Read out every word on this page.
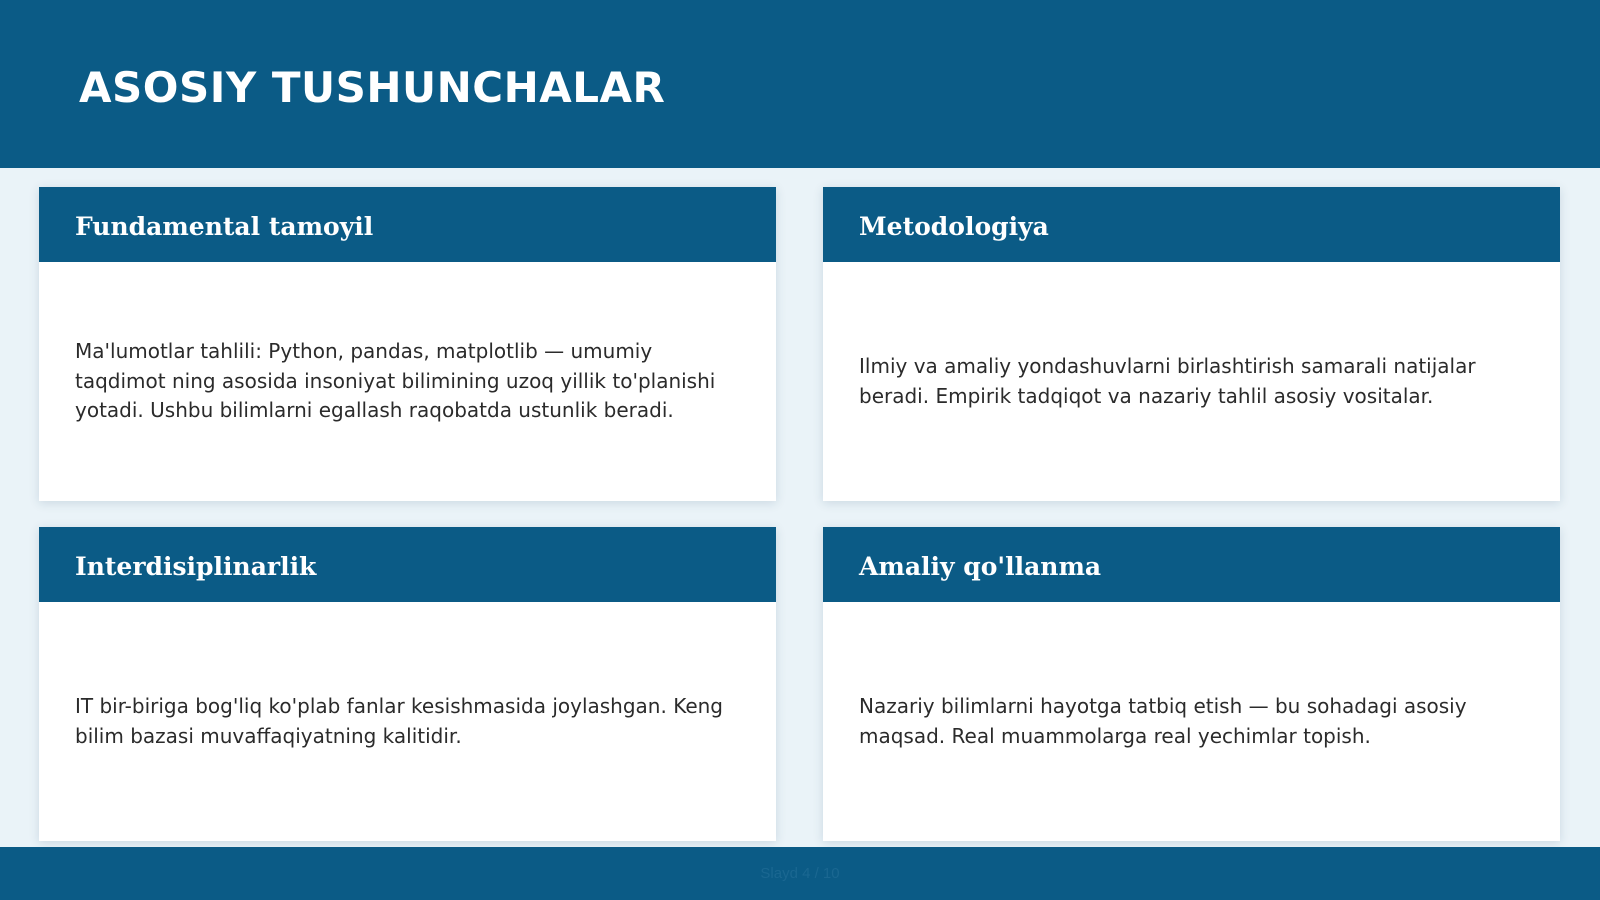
ASOSIY TUSHUNCHALAR
Fundamental tamoyil

Ma'lumotlar tahlili: Python, pandas, matplotlib — umumiy taqdimot ning asosida insoniyat bilimining uzoq yillik to'planishi yotadi. Ushbu bilimlarni egallash raqobatda ustunlik beradi.

Metodologiya

Ilmiy va amaliy yondashuvlarni birlashtirish samarali natijalar beradi. Empirik tadqiqot va nazariy tahlil asosiy vositalar.

Interdisiplinarlik

IT bir-biriga bog'liq ko'plab fanlar kesishmasida joylashgan. Keng bilim bazasi muvaffaqiyatning kalitidir.

Amaliy qo'llanma

Nazariy bilimlarni hayotga tatbiq etish — bu sohadagi asosiy maqsad. Real muammolarga real yechimlar topish.

Slayd 4 / 10
